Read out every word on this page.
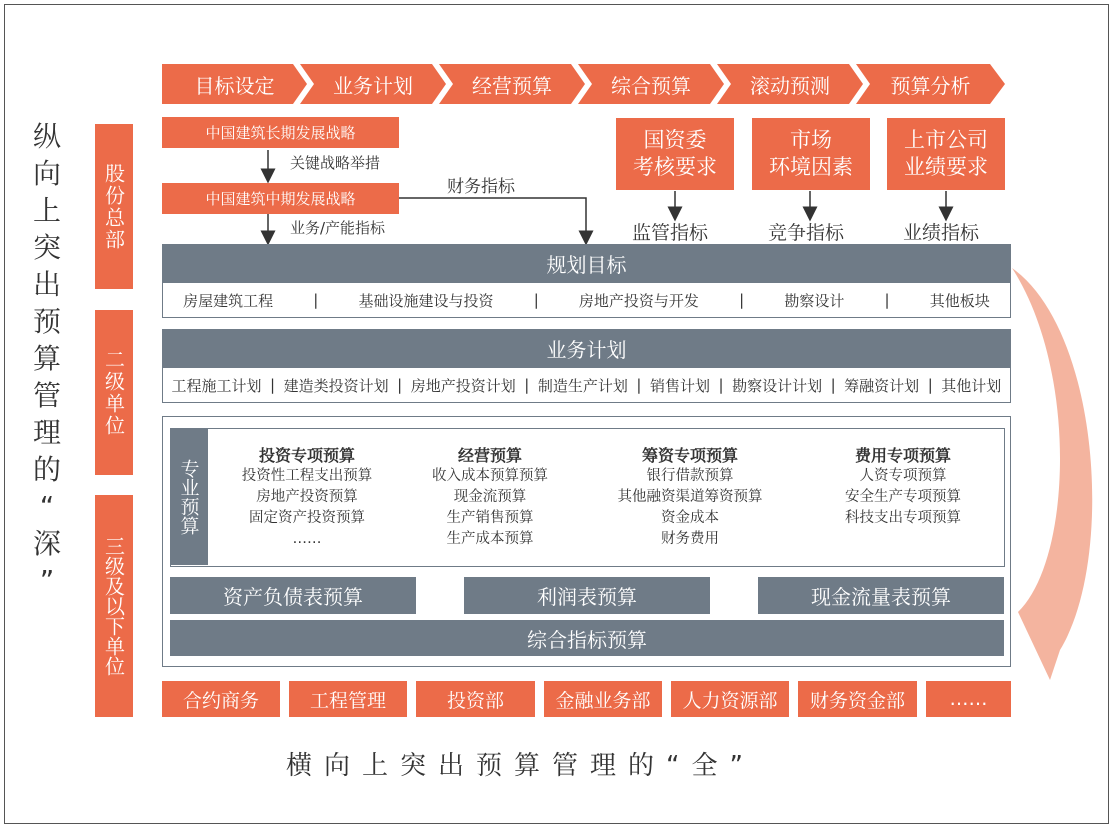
纵
向
上
突
出
预
算
管
理
的
“
深
”
目标设定	业务计划	经营预算	综合预算	滚动预测	预算分析
股份总部
二级单位
三级及以下单位
中国建筑长期发展战略
关键战略举措
中国建筑中期发展战略
业务/产能指标
财务指标
国资委
考核要求
市场
环境因素
上市公司
业绩要求
监管指标	竞争指标	业绩指标
规划目标
房屋建筑工程	|	基础设施建设与投资	|	房地产投资与开发	|	勘察设计	|	其他板块
业务计划
工程施工计划 | 建造类投资计划 | 房地产投资计划 | 制造生产计划 | 销售计划 | 勘察设计计划 | 筹融资计划 | 其他计划
专业预算
投资专项预算
投资性工程支出预算
房地产投资预算
固定资产投资预算
……
经营预算
收入成本预算预算
现金流预算
生产销售预算
生产成本预算
筹资专项预算
银行借款预算
其他融资渠道筹资预算
资金成本
财务费用
费用专项预算
人资专项预算
安全生产专项预算
科技支出专项预算
资产负债表预算	利润表预算	现金流量表预算
综合指标预算
合约商务	工程管理	投资部	金融业务部	人力资源部	财务资金部	……
横向上突出预算管理的“全”
